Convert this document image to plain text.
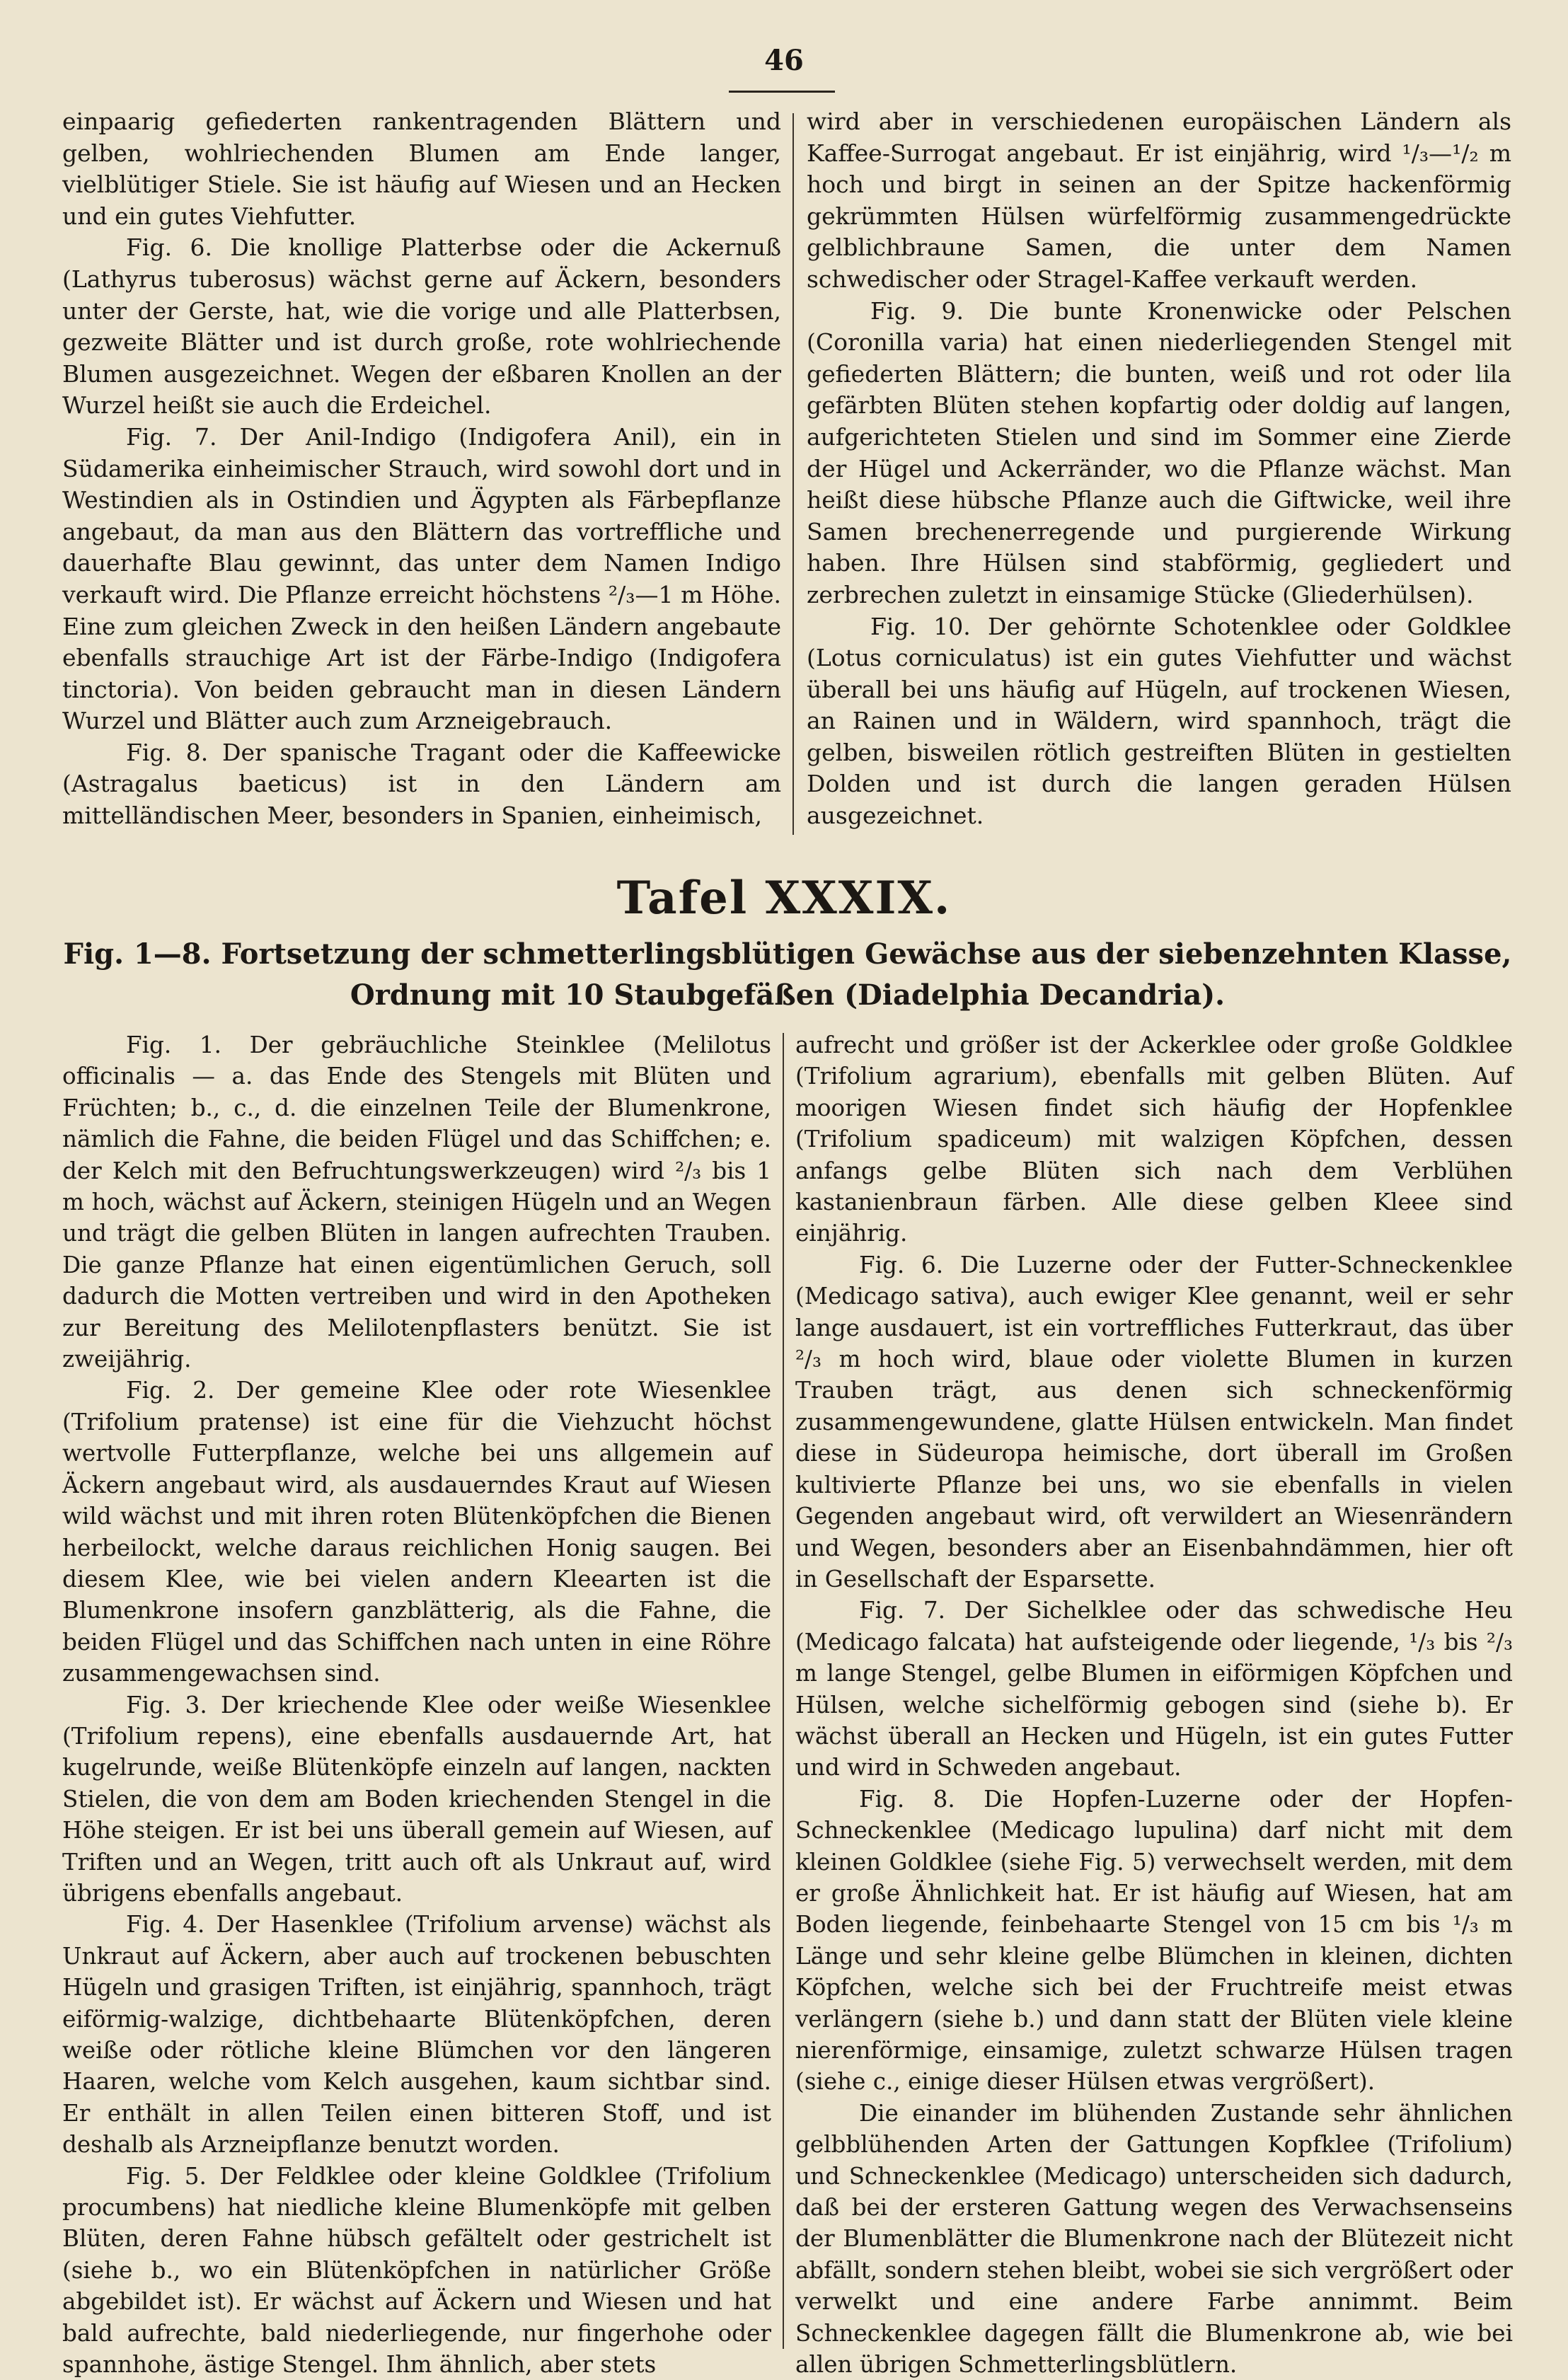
46

einpaarig gefiederten rankentragenden Blättern und gelben, wohlriechenden Blumen am Ende langer, vielblütiger Stiele. Sie ist häufig auf Wiesen und an Hecken und ein gutes Viehfutter.

Fig. 6. Die knollige Platterbse oder die Ackernuß (Lathyrus tuberosus) wächst gerne auf Äckern, besonders unter der Gerste, hat, wie die vorige und alle Platterbsen, gezweite Blätter und ist durch große, rote wohlriechende Blumen ausgezeichnet. Wegen der eßbaren Knollen an der Wurzel heißt sie auch die Erdeichel.

Fig. 7. Der Anil-Indigo (Indigofera Anil), ein in Südamerika einheimischer Strauch, wird sowohl dort und in Westindien als in Ostindien und Ägypten als Färbepflanze angebaut, da man aus den Blättern das vortreffliche und dauerhafte Blau gewinnt, das unter dem Namen Indigo verkauft wird. Die Pflanze erreicht höchstens ²/₃—1 m Höhe. Eine zum gleichen Zweck in den heißen Ländern angebaute ebenfalls strauchige Art ist der Färbe-Indigo (Indigofera tinctoria). Von beiden gebraucht man in diesen Ländern Wurzel und Blätter auch zum Arzneigebrauch.

Fig. 8. Der spanische Tragant oder die Kaffeewicke (Astragalus baeticus) ist in den Ländern am mittelländischen Meer, besonders in Spanien, einheimisch,

wird aber in verschiedenen europäischen Ländern als Kaffee-Surrogat angebaut. Er ist einjährig, wird ¹/₃—¹/₂ m hoch und birgt in seinen an der Spitze hackenförmig gekrümmten Hülsen würfelförmig zusammengedrückte gelblichbraune Samen, die unter dem Namen schwedischer oder Stragel-Kaffee verkauft werden.

Fig. 9. Die bunte Kronenwicke oder Pelschen (Coronilla varia) hat einen niederliegenden Stengel mit gefiederten Blättern; die bunten, weiß und rot oder lila gefärbten Blüten stehen kopfartig oder doldig auf langen, aufgerichteten Stielen und sind im Sommer eine Zierde der Hügel und Ackerränder, wo die Pflanze wächst. Man heißt diese hübsche Pflanze auch die Giftwicke, weil ihre Samen brechenerregende und purgierende Wirkung haben. Ihre Hülsen sind stabförmig, gegliedert und zerbrechen zuletzt in einsamige Stücke (Gliederhülsen).

Fig. 10. Der gehörnte Schotenklee oder Goldklee (Lotus corniculatus) ist ein gutes Viehfutter und wächst überall bei uns häufig auf Hügeln, auf trockenen Wiesen, an Rainen und in Wäldern, wird spannhoch, trägt die gelben, bisweilen rötlich gestreiften Blüten in gestielten Dolden und ist durch die langen geraden Hülsen ausgezeichnet.

Tafel XXXIX.
Fig. 1—8. Fortsetzung der schmetterlingsblütigen Gewächse aus der siebenzehnten Klasse, Ordnung mit 10 Staubgefäßen (Diadelphia Decandria).

Fig. 1. Der gebräuchliche Steinklee (Melilotus officinalis — a. das Ende des Stengels mit Blüten und Früchten; b., c., d. die einzelnen Teile der Blumenkrone, nämlich die Fahne, die beiden Flügel und das Schiffchen; e. der Kelch mit den Befruchtungswerkzeugen) wird ²/₃ bis 1 m hoch, wächst auf Äckern, steinigen Hügeln und an Wegen und trägt die gelben Blüten in langen aufrechten Trauben. Die ganze Pflanze hat einen eigentümlichen Geruch, soll dadurch die Motten vertreiben und wird in den Apotheken zur Bereitung des Melilotenpflasters benützt. Sie ist zweijährig.

Fig. 2. Der gemeine Klee oder rote Wiesenklee (Trifolium pratense) ist eine für die Viehzucht höchst wertvolle Futterpflanze, welche bei uns allgemein auf Äckern angebaut wird, als ausdauerndes Kraut auf Wiesen wild wächst und mit ihren roten Blütenköpfchen die Bienen herbeilockt, welche daraus reichlichen Honig saugen. Bei diesem Klee, wie bei vielen andern Kleearten ist die Blumenkrone insofern ganzblätterig, als die Fahne, die beiden Flügel und das Schiffchen nach unten in eine Röhre zusammengewachsen sind.

Fig. 3. Der kriechende Klee oder weiße Wiesenklee (Trifolium repens), eine ebenfalls ausdauernde Art, hat kugelrunde, weiße Blütenköpfe einzeln auf langen, nackten Stielen, die von dem am Boden kriechenden Stengel in die Höhe steigen. Er ist bei uns überall gemein auf Wiesen, auf Triften und an Wegen, tritt auch oft als Unkraut auf, wird übrigens ebenfalls angebaut.

Fig. 4. Der Hasenklee (Trifolium arvense) wächst als Unkraut auf Äckern, aber auch auf trockenen bebuschten Hügeln und grasigen Triften, ist einjährig, spannhoch, trägt eiförmig-walzige, dichtbehaarte Blütenköpfchen, deren weiße oder rötliche kleine Blümchen vor den längeren Haaren, welche vom Kelch ausgehen, kaum sichtbar sind. Er enthält in allen Teilen einen bitteren Stoff, und ist deshalb als Arzneipflanze benutzt worden.

Fig. 5. Der Feldklee oder kleine Goldklee (Trifolium procumbens) hat niedliche kleine Blumenköpfe mit gelben Blüten, deren Fahne hübsch gefältelt oder gestrichelt ist (siehe b., wo ein Blütenköpfchen in natürlicher Größe abgebildet ist). Er wächst auf Äckern und Wiesen und hat bald aufrechte, bald niederliegende, nur fingerhohe oder spannhohe, ästige Stengel. Ihm ähnlich, aber stets

aufrecht und größer ist der Ackerklee oder große Goldklee (Trifolium agrarium), ebenfalls mit gelben Blüten. Auf moorigen Wiesen findet sich häufig der Hopfenklee (Trifolium spadiceum) mit walzigen Köpfchen, dessen anfangs gelbe Blüten sich nach dem Verblühen kastanienbraun färben. Alle diese gelben Kleee sind einjährig.

Fig. 6. Die Luzerne oder der Futter-Schneckenklee (Medicago sativa), auch ewiger Klee genannt, weil er sehr lange ausdauert, ist ein vortreffliches Futterkraut, das über ²/₃ m hoch wird, blaue oder violette Blumen in kurzen Trauben trägt, aus denen sich schneckenförmig zusammengewundene, glatte Hülsen entwickeln. Man findet diese in Südeuropa heimische, dort überall im Großen kultivierte Pflanze bei uns, wo sie ebenfalls in vielen Gegenden angebaut wird, oft verwildert an Wiesenrändern und Wegen, besonders aber an Eisenbahndämmen, hier oft in Gesellschaft der Esparsette.

Fig. 7. Der Sichelklee oder das schwedische Heu (Medicago falcata) hat aufsteigende oder liegende, ¹/₃ bis ²/₃ m lange Stengel, gelbe Blumen in eiförmigen Köpfchen und Hülsen, welche sichelförmig gebogen sind (siehe b). Er wächst überall an Hecken und Hügeln, ist ein gutes Futter und wird in Schweden angebaut.

Fig. 8. Die Hopfen-Luzerne oder der Hopfen-Schneckenklee (Medicago lupulina) darf nicht mit dem kleinen Goldklee (siehe Fig. 5) verwechselt werden, mit dem er große Ähnlichkeit hat. Er ist häufig auf Wiesen, hat am Boden liegende, feinbehaarte Stengel von 15 cm bis ¹/₃ m Länge und sehr kleine gelbe Blümchen in kleinen, dichten Köpfchen, welche sich bei der Fruchtreife meist etwas verlängern (siehe b.) und dann statt der Blüten viele kleine nierenförmige, einsamige, zuletzt schwarze Hülsen tragen (siehe c., einige dieser Hülsen etwas vergrößert).

Die einander im blühenden Zustande sehr ähnlichen gelbblühenden Arten der Gattungen Kopfklee (Trifolium) und Schneckenklee (Medicago) unterscheiden sich dadurch, daß bei der ersteren Gattung wegen des Verwachsenseins der Blumenblätter die Blumenkrone nach der Blütezeit nicht abfällt, sondern stehen bleibt, wobei sie sich vergrößert oder verwelkt und eine andere Farbe annimmt. Beim Schneckenklee dagegen fällt die Blumenkrone ab, wie bei allen übrigen Schmetterlingsblütlern.
